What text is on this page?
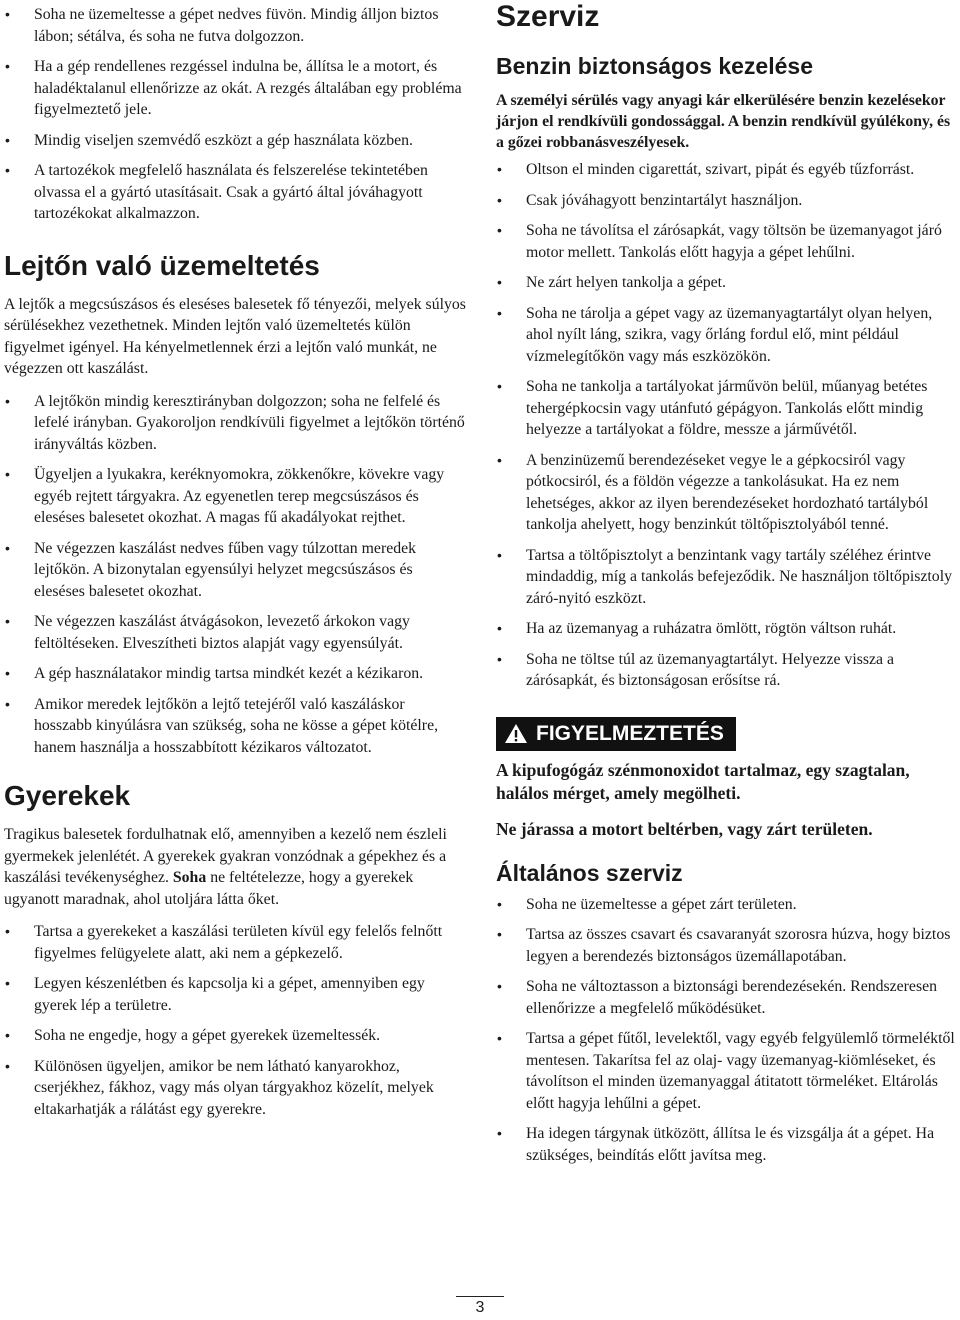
• Soha ne üzemeltesse a gépet nedves füvön. Mindig álljon biztos lábon; sétálva, és soha ne futva dolgozzon.
• Ha a gép rendellenes rezgéssel indulna be, állítsa le a motort, és haladéktalanul ellenőrizze az okát. A rezgés általában egy probléma figyelmeztető jele.
• Mindig viseljen szemvédő eszközt a gép használata közben.
• A tartozékok megfelelő használata és felszerelése tekintetében olvassa el a gyártó utasításait. Csak a gyártó által jóváhagyott tartozékokat alkalmazzon.
Lejtőn való üzemeltetés

A lejtők a megcsúszásos és eleséses balesetek fő tényezői, melyek súlyos sérülésekhez vezethetnek. Minden lejtőn való üzemeltetés külön figyelmet igényel. Ha kényelmetlennek érzi a lejtőn való munkát, ne végezzen ott kaszálást.

• A lejtőkön mindig keresztirányban dolgozzon; soha ne felfelé és lefelé irányban. Gyakoroljon rendkívüli figyelmet a lejtőkön történő irányváltás közben.
• Ügyeljen a lyukakra, keréknyomokra, zökkenőkre, kövekre vagy egyéb rejtett tárgyakra. Az egyenetlen terep megcsúszásos és eleséses balesetet okozhat. A magas fű akadályokat rejthet.
• Ne végezzen kaszálást nedves fűben vagy túlzottan meredek lejtőkön. A bizonytalan egyensúlyi helyzet megcsúszásos és eleséses balesetet okozhat.
• Ne végezzen kaszálást átvágásokon, levezető árkokon vagy feltöltéseken. Elveszítheti biztos alapját vagy egyensúlyát.
• A gép használatakor mindig tartsa mindkét kezét a kézikaron.
• Amikor meredek lejtőkön a lejtő tetejéről való kaszáláskor hosszabb kinyúlásra van szükség, soha ne kösse a gépet kötélre, hanem használja a hosszabbított kézikaros változatot.
Gyerekek

Tragikus balesetek fordulhatnak elő, amennyiben a kezelő nem észleli gyermekek jelenlétét. A gyerekek gyakran vonzódnak a gépekhez és a kaszálási tevékenységhez. Soha ne feltételezze, hogy a gyerekek ugyanott maradnak, ahol utoljára látta őket.

• Tartsa a gyerekeket a kaszálási területen kívül egy felelős felnőtt figyelmes felügyelete alatt, aki nem a gépkezelő.
• Legyen készenlétben és kapcsolja ki a gépet, amennyiben egy gyerek lép a területre.
• Soha ne engedje, hogy a gépet gyerekek üzemeltessék.
• Különösen ügyeljen, amikor be nem látható kanyarokhoz, cserjékhez, fákhoz, vagy más olyan tárgyakhoz közelít, melyek eltakarhatják a rálátást egy gyerekre.
Szerviz
Benzin biztonságos kezelése

A személyi sérülés vagy anyagi kár elkerülésére benzin kezelésekor járjon el rendkívüli gondossággal. A benzin rendkívül gyúlékony, és a gőzei robbanásveszélyesek.

• Oltson el minden cigarettát, szivart, pipát és egyéb tűzforrást.
• Csak jóváhagyott benzintartályt használjon.
• Soha ne távolítsa el zárósapkát, vagy töltsön be üzemanyagot járó motor mellett. Tankolás előtt hagyja a gépet lehűlni.
• Ne zárt helyen tankolja a gépet.
• Soha ne tárolja a gépet vagy az üzemanyagtartályt olyan helyen, ahol nyílt láng, szikra, vagy őrláng fordul elő, mint például vízmelegítőkön vagy más eszközökön.
• Soha ne tankolja a tartályokat járművön belül, műanyag betétes tehergépkocsin vagy utánfutó gépágyon. Tankolás előtt mindig helyezze a tartályokat a földre, messze a járművétől.
• A benzinüzemű berendezéseket vegye le a gépkocsiról vagy pótkocsiról, és a földön végezze a tankolásukat. Ha ez nem lehetséges, akkor az ilyen berendezéseket hordozható tartályból tankolja ahelyett, hogy benzinkút töltőpisztolyából tenné.
• Tartsa a töltőpisztolyt a benzintank vagy tartály széléhez érintve mindaddig, míg a tankolás befejeződik. Ne használjon töltőpisztoly záró-nyitó eszközt.
• Ha az üzemanyag a ruházatra ömlött, rögtön váltson ruhát.
• Soha ne töltse túl az üzemanyagtartályt. Helyezze vissza a zárósapkát, és biztonságosan erősítse rá.
FIGYELMEZTETÉS

A kipufogógáz szénmonoxidot tartalmaz, egy szagtalan, halálos mérget, amely megölheti.

Ne járassa a motort beltérben, vagy zárt területen.

Általános szerviz
• Soha ne üzemeltesse a gépet zárt területen.
• Tartsa az összes csavart és csavaranyát szorosra húzva, hogy biztos legyen a berendezés biztonságos üzemállapotában.
• Soha ne változtasson a biztonsági berendezésekén. Rendszeresen ellenőrizze a megfelelő működésüket.
• Tartsa a gépet fűtől, levelektől, vagy egyéb felgyülemlő törmeléktől mentesen. Takarítsa fel az olaj- vagy üzemanyag-kiömléseket, és távolítson el minden üzemanyaggal átitatott törmeléket. Eltárolás előtt hagyja lehűlni a gépet.
• Ha idegen tárgynak ütközött, állítsa le és vizsgálja át a gépet. Ha szükséges, beindítás előtt javítsa meg.
3
